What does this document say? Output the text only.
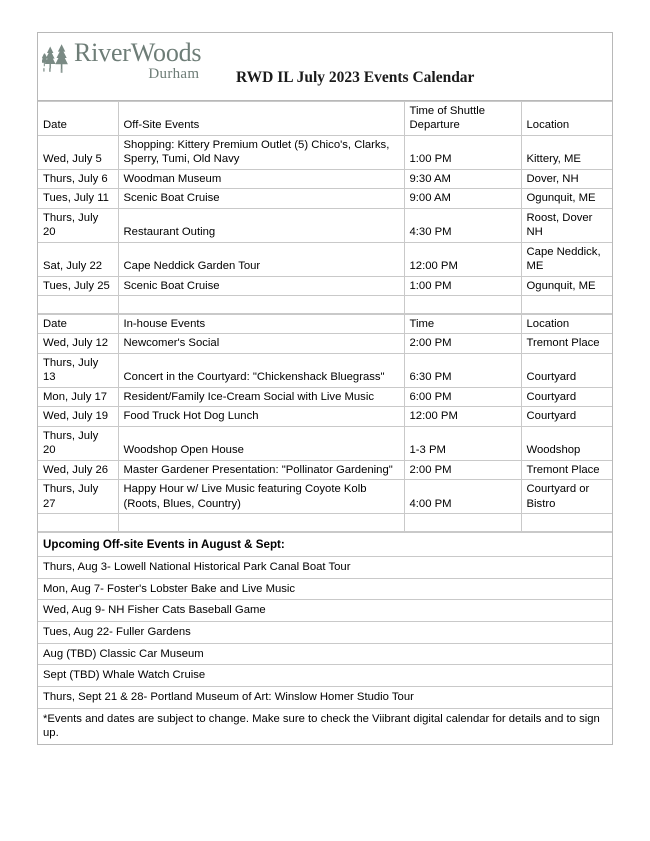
RiverWoods
Durham RWD IL July 2023 Events Calendar
Date	Off-Site Events	Time of Shuttle Departure	Location
Wed, July 5	Shopping: Kittery Premium Outlet (5) Chico's, Clarks, Sperry, Tumi, Old Navy	1:00 PM	Kittery, ME
Thurs, July 6	Woodman Museum	9:30 AM	Dover, NH
Tues, July 11	Scenic Boat Cruise	9:00 AM	Ogunquit, ME
Thurs, July 20	Restaurant Outing	4:30 PM	Roost, Dover NH
Sat, July 22	Cape Neddick Garden Tour	12:00 PM	Cape Neddick, ME
Tues, July 25	Scenic Boat Cruise	1:00 PM	Ogunquit, ME

Date	In-house Events	Time	Location
Wed, July 12	Newcomer's Social	2:00 PM	Tremont Place
Thurs, July 13	Concert in the Courtyard: "Chickenshack Bluegrass"	6:30 PM	Courtyard
Mon, July 17	Resident/Family Ice-Cream Social with Live Music	6:00 PM	Courtyard
Wed, July 19	Food Truck Hot Dog Lunch	12:00 PM	Courtyard
Thurs, July 20	Woodshop Open House	1-3 PM	Woodshop
Wed, July 26	Master Gardener Presentation: "Pollinator Gardening"	2:00 PM	Tremont Place
Thurs, July 27	Happy Hour w/ Live Music featuring Coyote Kolb (Roots, Blues, Country)	4:00 PM	Courtyard or Bistro

Upcoming Off-site Events in August & Sept:
Thurs, Aug 3- Lowell National Historical Park Canal Boat Tour
Mon, Aug 7- Foster's Lobster Bake and Live Music
Wed, Aug 9- NH Fisher Cats Baseball Game
Tues, Aug 22- Fuller Gardens
Aug (TBD) Classic Car Museum
Sept (TBD) Whale Watch Cruise
Thurs, Sept 21 & 28- Portland Museum of Art: Winslow Homer Studio Tour
*Events and dates are subject to change. Make sure to check the Viibrant digital calendar for details and to sign up.
